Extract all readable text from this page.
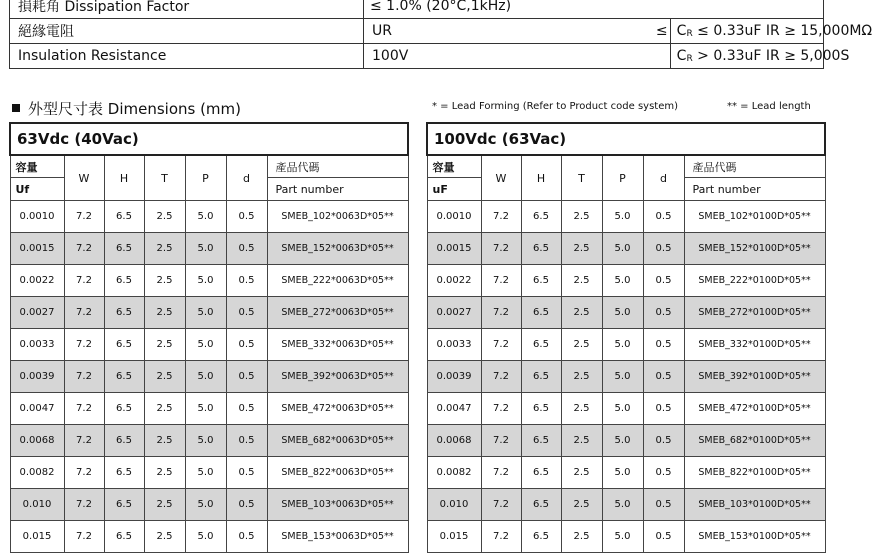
損耗角 Dissipation Factor	≤ 1.0% (20°C,1kHz)		
絕緣電阻	UR	≤	CR ≤ 0.33uF IR ≥ 15,000MΩ
Insulation Resistance	100V		CR > 0.33uF IR ≥ 5,000S
外型尺寸表 Dimensions (mm)	* = Lead Forming (Refer to Product code system)	** = Lead length
63Vdc (40Vac)						
容量	W	H	T	P	d	產品代碼
Uf						Part number
0.0010	7.2	6.5	2.5	5.0	0.5	SMEB_102*0063D*05**
0.0015	7.2	6.5	2.5	5.0	0.5	SMEB_152*0063D*05**
0.0022	7.2	6.5	2.5	5.0	0.5	SMEB_222*0063D*05**
0.0027	7.2	6.5	2.5	5.0	0.5	SMEB_272*0063D*05**
0.0033	7.2	6.5	2.5	5.0	0.5	SMEB_332*0063D*05**
0.0039	7.2	6.5	2.5	5.0	0.5	SMEB_392*0063D*05**
0.0047	7.2	6.5	2.5	5.0	0.5	SMEB_472*0063D*05**
0.0068	7.2	6.5	2.5	5.0	0.5	SMEB_682*0063D*05**
0.0082	7.2	6.5	2.5	5.0	0.5	SMEB_822*0063D*05**
0.010	7.2	6.5	2.5	5.0	0.5	SMEB_103*0063D*05**
0.015	7.2	6.5	2.5	5.0	0.5	SMEB_153*0063D*05**
100Vdc (63Vac)						
容量	W	H	T	P	d	產品代碼
uF						Part number
0.0010	7.2	6.5	2.5	5.0	0.5	SMEB_102*0100D*05**
0.0015	7.2	6.5	2.5	5.0	0.5	SMEB_152*0100D*05**
0.0022	7.2	6.5	2.5	5.0	0.5	SMEB_222*0100D*05**
0.0027	7.2	6.5	2.5	5.0	0.5	SMEB_272*0100D*05**
0.0033	7.2	6.5	2.5	5.0	0.5	SMEB_332*0100D*05**
0.0039	7.2	6.5	2.5	5.0	0.5	SMEB_392*0100D*05**
0.0047	7.2	6.5	2.5	5.0	0.5	SMEB_472*0100D*05**
0.0068	7.2	6.5	2.5	5.0	0.5	SMEB_682*0100D*05**
0.0082	7.2	6.5	2.5	5.0	0.5	SMEB_822*0100D*05**
0.010	7.2	6.5	2.5	5.0	0.5	SMEB_103*0100D*05**
0.015	7.2	6.5	2.5	5.0	0.5	SMEB_153*0100D*05**
